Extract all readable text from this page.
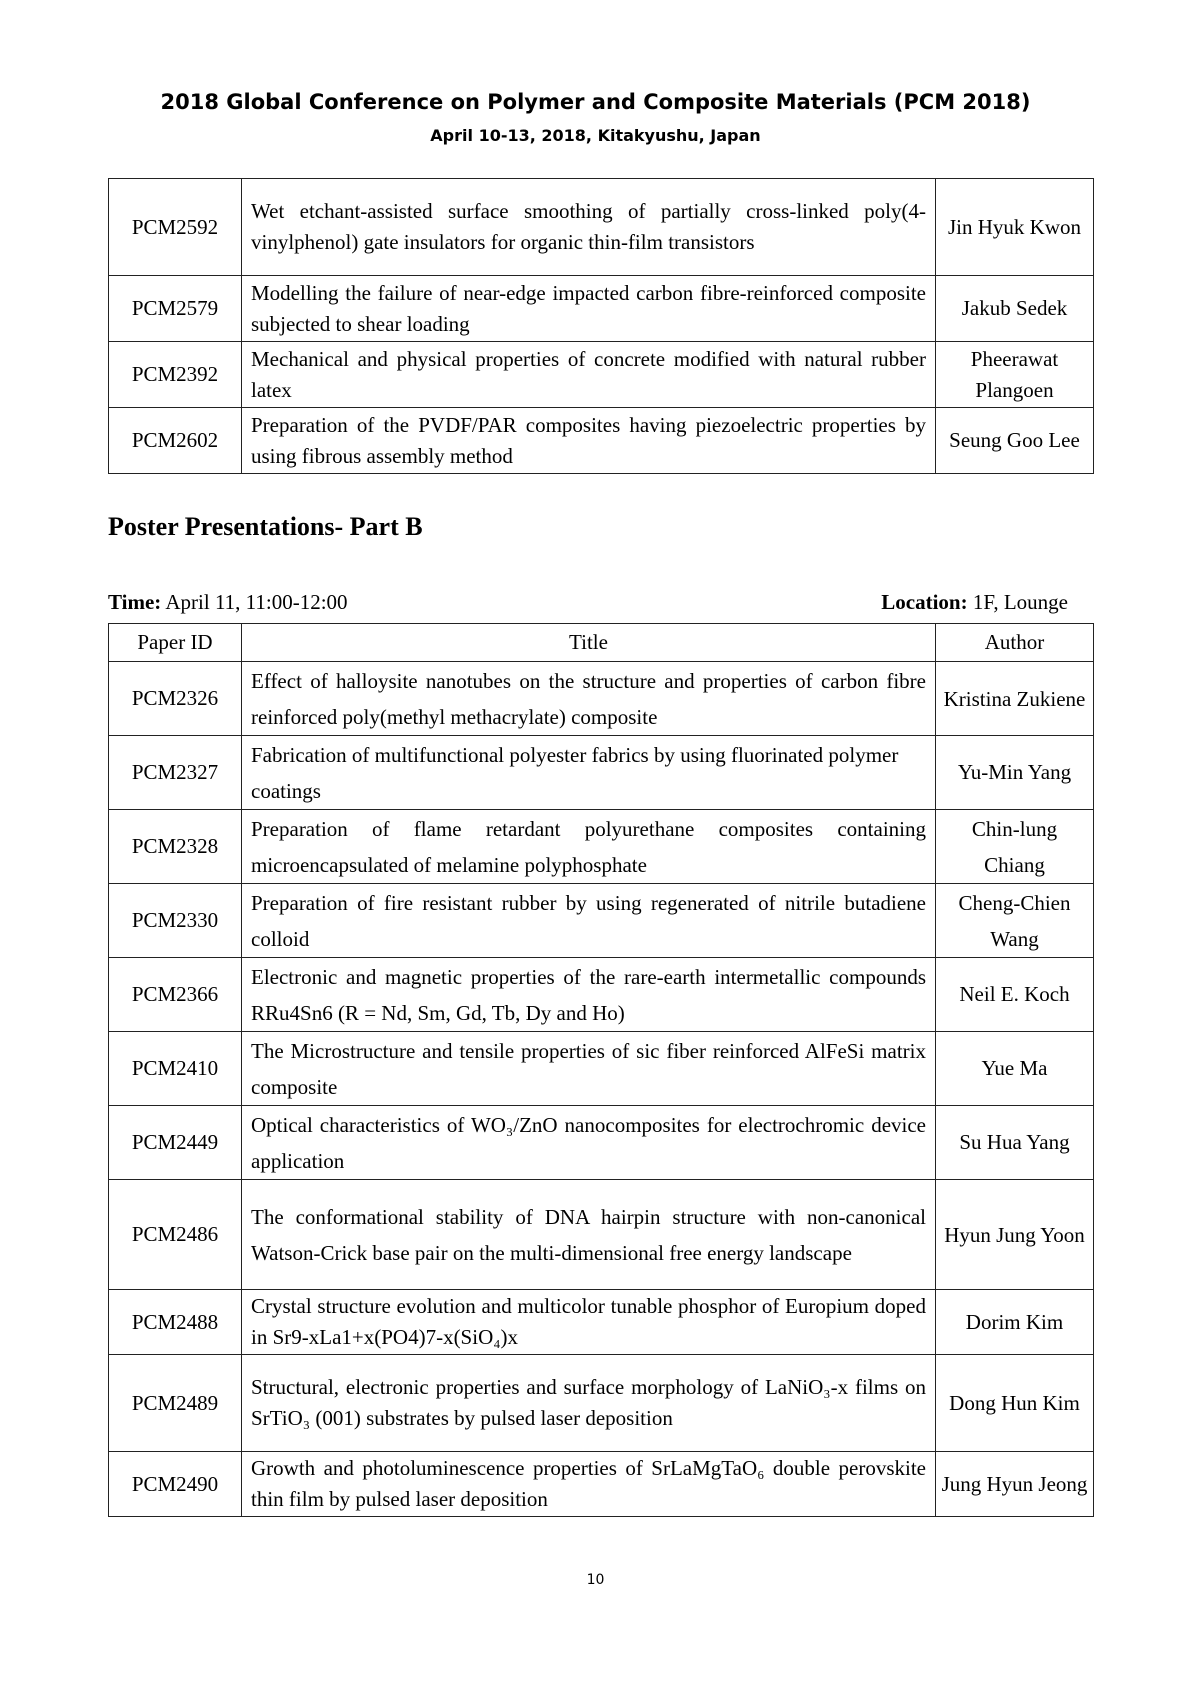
2018 Global Conference on Polymer and Composite Materials (PCM 2018)
April 10-13, 2018, Kitakyushu, Japan
PCM2592	Wet etchant-assisted surface smoothing of partially cross-linked poly(4-vinylphenol) gate insulators for organic thin-film transistors	Jin Hyuk Kwon
PCM2579	Modelling the failure of near-edge impacted carbon fibre-reinforced composite subjected to shear loading	Jakub Sedek
PCM2392	Mechanical and physical properties of concrete modified with natural rubber latex	Pheerawat Plangoen
PCM2602	Preparation of the PVDF/PAR composites having piezoelectric properties by using fibrous assembly method	Seung Goo Lee
Poster Presentations- Part B
Time: April 11, 11:00-12:00	Location: 1F, Lounge
Paper ID	Title	Author
PCM2326	Effect of halloysite nanotubes on the structure and properties of carbon fibre reinforced poly(methyl methacrylate) composite	Kristina Zukiene
PCM2327	Fabrication of multifunctional polyester fabrics by using fluorinated polymer coatings	Yu-Min Yang
PCM2328	Preparation of flame retardant polyurethane composites containing microencapsulated of melamine polyphosphate	Chin-lung Chiang
PCM2330	Preparation of fire resistant rubber by using regenerated of nitrile butadiene colloid	Cheng-Chien Wang
PCM2366	Electronic and magnetic properties of the rare-earth intermetallic compounds RRu4Sn6 (R = Nd, Sm, Gd, Tb, Dy and Ho)	Neil E. Koch
PCM2410	The Microstructure and tensile properties of sic fiber reinforced AlFeSi matrix composite	Yue Ma
PCM2449	Optical characteristics of WO₃/ZnO nanocomposites for electrochromic device application	Su Hua Yang
PCM2486	The conformational stability of DNA hairpin structure with non-canonical Watson-Crick base pair on the multi-dimensional free energy landscape	Hyun Jung Yoon
PCM2488	Crystal structure evolution and multicolor tunable phosphor of Europium doped in Sr9-xLa1+x(PO4)7-x(SiO₄)x	Dorim Kim
PCM2489	Structural, electronic properties and surface morphology of LaNiO₃-x films on SrTiO₃ (001) substrates by pulsed laser deposition	Dong Hun Kim
PCM2490	Growth and photoluminescence properties of SrLaMgTaO₆ double perovskite thin film by pulsed laser deposition	Jung Hyun Jeong
10
